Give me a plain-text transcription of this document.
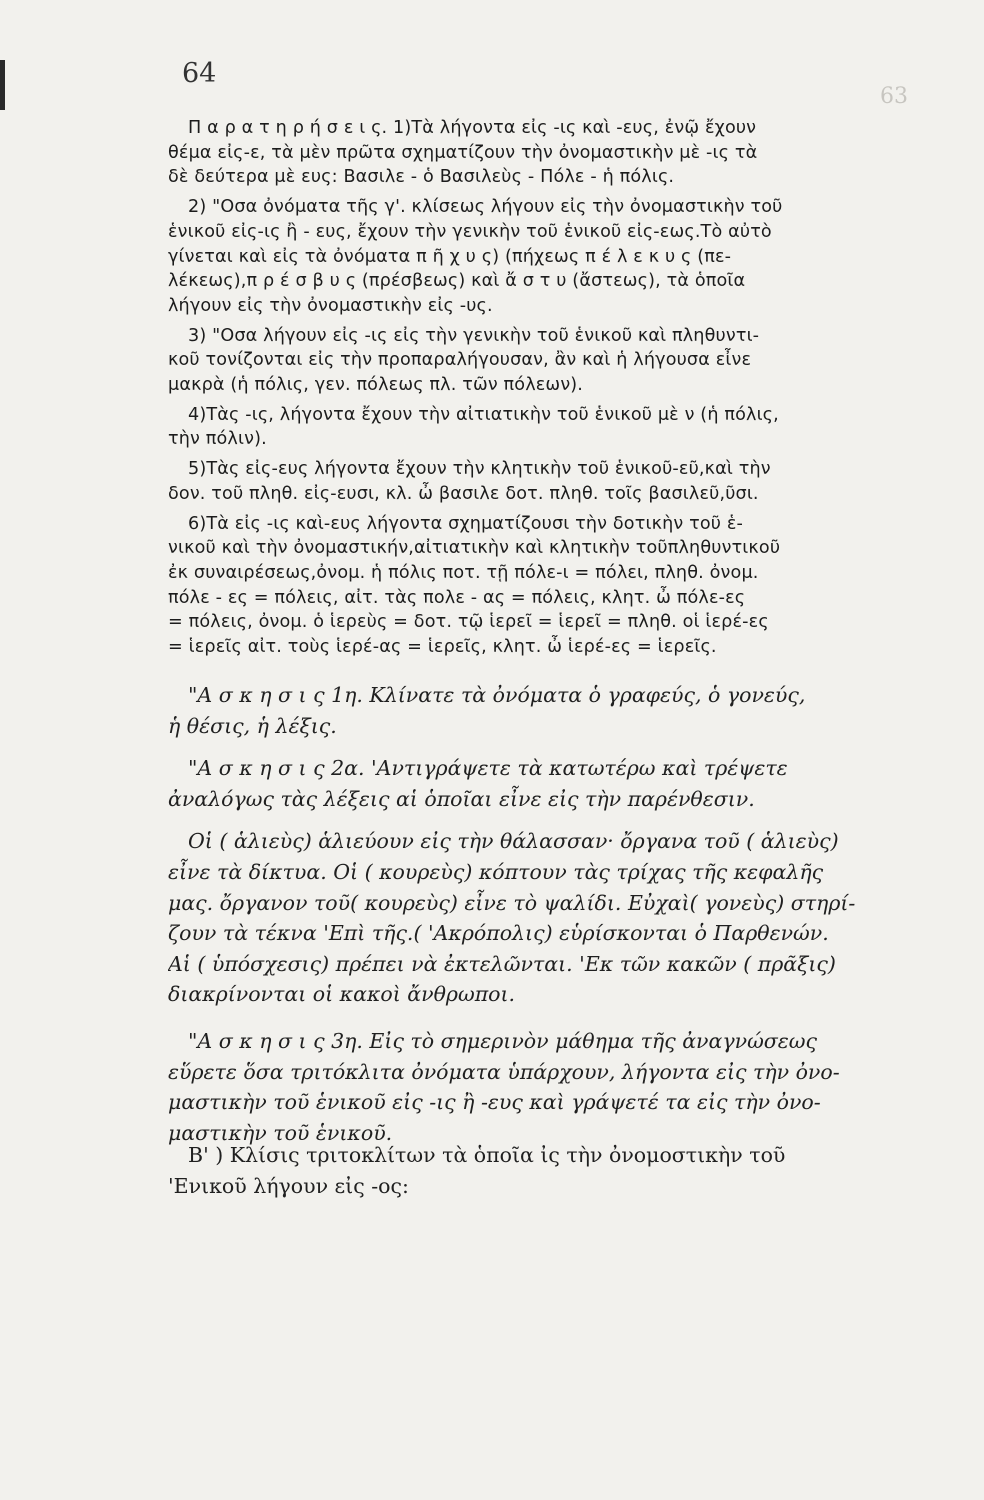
64
63
Π α ρ α τ η ρ ή σ ε ι ς. 1)Τὰ λήγοντα εἰς -ις καὶ -ευς, ἐνῷ ἔχουν
θέμα εἰς-ε, τὰ μὲν πρῶτα σχηματίζουν τὴν ὀνομαστικὴν μὲ -ις τὰ
δὲ δεύτερα μὲ ευς: Βασιλε - ὁ Βασιλεὺς - Πόλε - ἡ πόλις.
2) "Οσα ὀνόματα τῆς γ'. κλίσεως λήγουν εἰς τὴν ὀνομαστικὴν τοῦ
ἑνικοῦ εἰς-ις ἢ - ευς, ἔχουν τὴν γενικὴν τοῦ ἑνικοῦ εἰς-εως.Τὸ αὐτὸ
γίνεται καὶ εἰς τὰ ὀνόματα π ῆ χ υ ς) (πήχεως π έ λ ε κ υ ς (πε-
λέκεως),π ρ έ σ β υ ς (πρέσβεως) καὶ ἄ σ τ υ (ἄστεως), τὰ ὁποῖα
λήγουν εἰς τὴν ὀνομαστικὴν εἰς -υς.
3) "Οσα λήγουν εἰς -ις εἰς τὴν γενικὴν τοῦ ἑνικοῦ καὶ πληθυντι-
κοῦ τονίζονται εἰς τὴν προπαραλήγουσαν, ἂν καὶ ἡ λήγουσα εἶνε
μακρὰ (ἡ πόλις, γεν. πόλεως πλ. τῶν πόλεων).
4)Τὰς -ις, λήγοντα ἔχουν τὴν αἰτιατικὴν τοῦ ἑνικοῦ μὲ ν (ἡ πόλις,
τὴν πόλιν).
5)Τὰς εἰς-ευς λήγοντα ἔχουν τὴν κλητικὴν τοῦ ἑνικοῦ-εῦ,καὶ τὴν
δον. τοῦ πληθ. εἰς-ευσι, κλ. ὦ βασιλε δοτ. πληθ. τοῖς βασιλεῦ,ῦσι.
6)Τὰ εἰς -ις καὶ-ευς λήγοντα σχηματίζουσι τὴν δοτικὴν τοῦ ἑ-
νικοῦ καὶ τὴν ὀνομαστικήν,αἰτιατικὴν καὶ κλητικὴν τοῦπληθυντικοῦ
ἐκ συναιρέσεως,ὀνομ. ἡ πόλις ποτ. τῇ πόλε-ι = πόλει, πληθ. ὀνομ.
πόλε - ες = πόλεις, αἰτ. τὰς πολε - ας = πόλεις, κλητ. ὦ πόλε-ες
= πόλεις, ὀνομ. ὁ ἱερεὺς = δοτ. τῷ ἱερεῖ = ἱερεῖ = πληθ. οἱ ἱερέ-ες
= ἱερεῖς αἰτ. τοὺς ἱερέ-ας = ἱερεῖς, κλητ. ὦ ἱερέ-ες = ἱερεῖς.
"Α σ κ η σ ι ς 1η. Κλίνατε τὰ ὀνόματα ὁ γραφεύς, ὁ γονεύς,
ἡ θέσις, ἡ λέξις.
"Α σ κ η σ ι ς 2α. 'Αντιγράψετε τὰ κατωτέρω καὶ τρέψετε
ἀναλόγως τὰς λέξεις αἱ ὁποῖαι εἶνε εἰς τὴν παρένθεσιν.
Οἱ ( ἁλιεὺς) ἁλιεύουν εἰς τὴν θάλασσαν· ὄργανα τοῦ ( ἁλιεὺς)
εἶνε τὰ δίκτυα. Οἱ ( κουρεὺς) κόπτουν τὰς τρίχας τῆς κεφαλῆς
μας. ὄργανον τοῦ( κουρεὺς) εἶνε τὸ ψαλίδι. Εὐχαὶ( γονεὺς) στηρί-
ζουν τὰ τέκνα 'Επὶ τῆς.( 'Ακρόπολις) εὑρίσκονται ὁ Παρθενών.
Αἱ ( ὑπόσχεσις) πρέπει νὰ ἐκτελῶνται. 'Εκ τῶν κακῶν ( πρᾶξις)
διακρίνονται οἱ κακοὶ ἄνθρωποι.
"Α σ κ η σ ι ς 3η. Εἰς τὸ σημερινὸν μάθημα τῆς ἀναγνώσεως
εὕρετε ὅσα τριτόκλιτα ὀνόματα ὑπάρχουν, λήγοντα εἰς τὴν ὀνο-
μαστικὴν τοῦ ἑνικοῦ εἰς -ις ἢ -ευς καὶ γράψετέ τα εἰς τὴν ὀνο-
μαστικὴν τοῦ ἑνικοῦ.
Β' ) Κλίσις τριτοκλίτων τὰ ὁποῖα ἰς τὴν ὀνομοστικὴν τοῦ
'Ενικοῦ λήγουν εἰς -ος:
